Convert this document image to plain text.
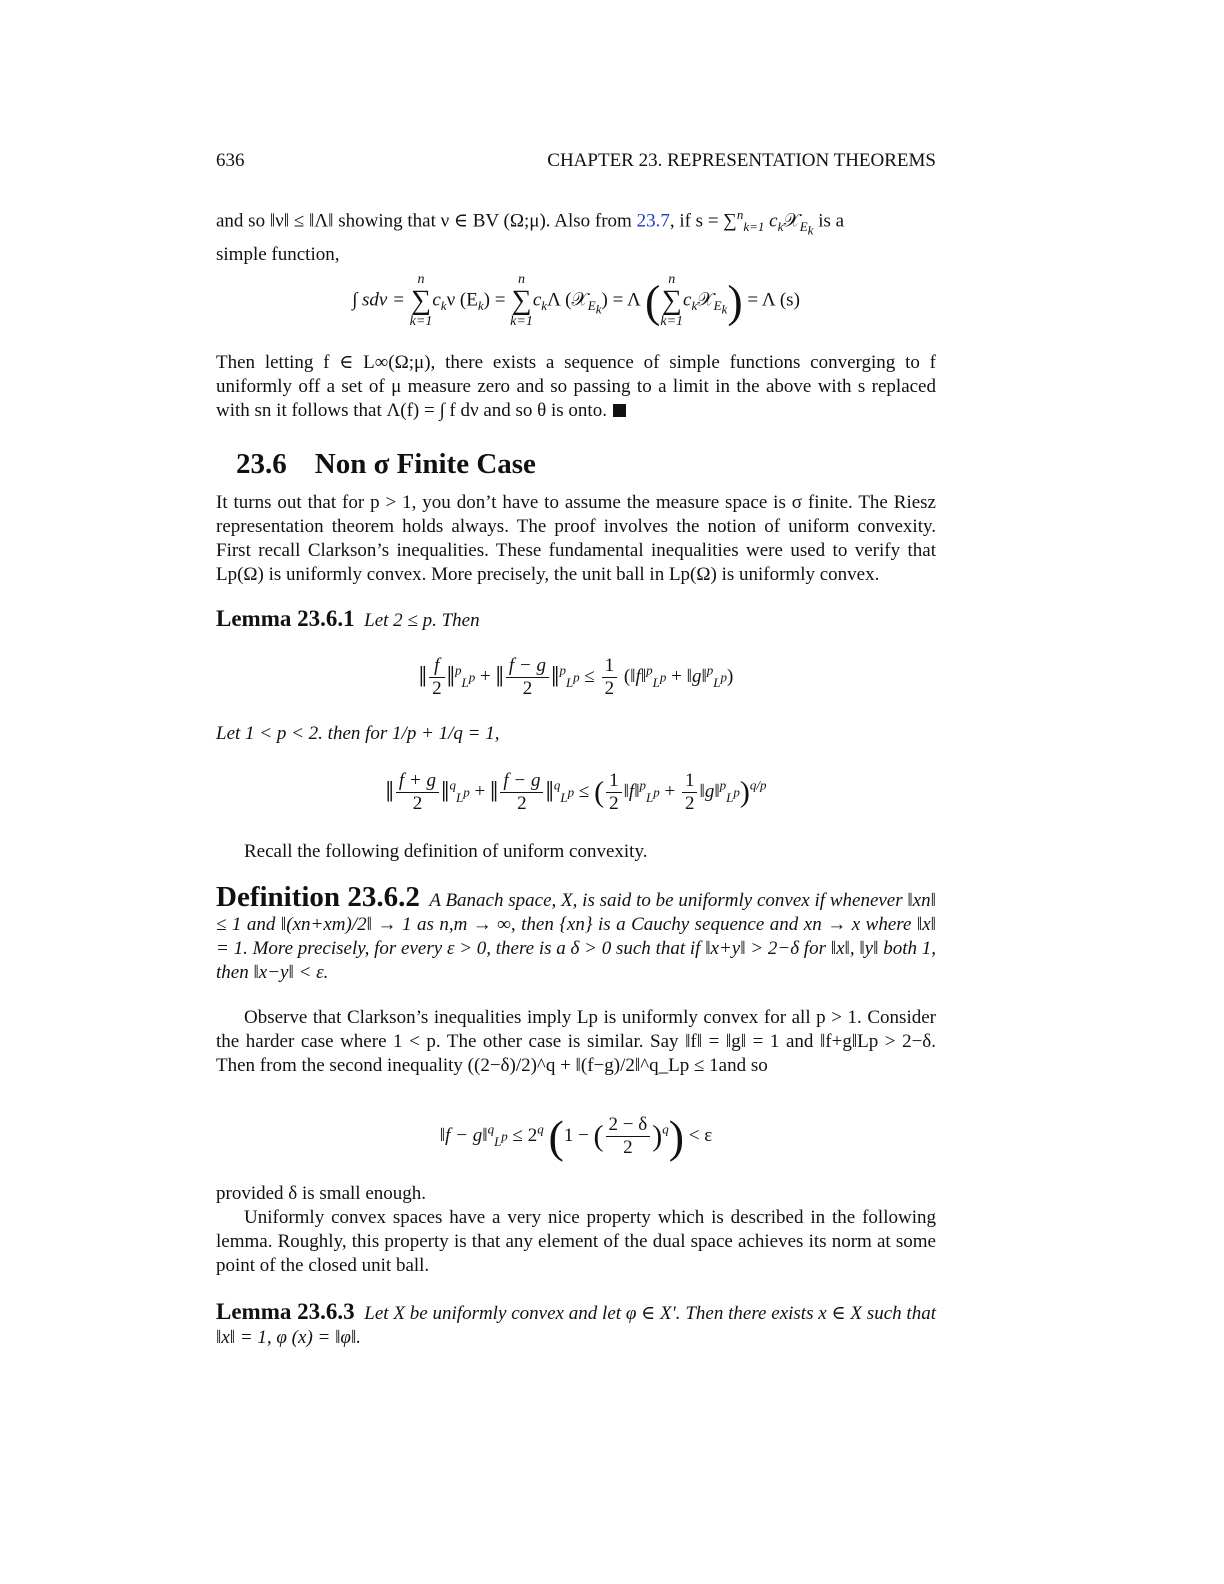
636	CHAPTER 23. REPRESENTATION THEOREMS
and so ‖ν‖ ≤ ‖Λ‖ showing that ν ∈ BV (Ω;μ). Also from 23.7, if s = ∑$^n_{k=1}$ $c_k𝒳_{E_k}$ is a
simple function,
∫ sdν =
n
∑
k=1
$c_k\nu$ $(E_k)$ =
n
∑
k=1
$c_k\Lambda$ (𝒳$_{E_k}$) = Λ ( n
∑
k=1
$c_k𝒳_{E_k}) = \Lambda$ (s)
Then letting f ∈ L∞(Ω;μ), there exists a sequence of simple functions converging to f uniformly off a set of μ measure zero and so passing to a limit in the above with s replaced with sn it follows that Λ(f) = ∫ f dν and so θ is onto.
23.6 Non σ Finite Case
It turns out that for p > 1, you don’t have to assume the measure space is σ finite. The Riesz representation theorem holds always. The proof involves the notion of uniform convexity. First recall Clarkson’s inequalities. These fundamental inequalities were used to verify that Lp(Ω) is uniformly convex. More precisely, the unit ball in Lp(Ω) is uniformly convex.
Lemma 23.6.1 Let 2 ≤ p. Then
‖ $\frac{f}{2}$ ‖$^p_{L^p}$ + ‖ $\frac{f - g}{2}$ ‖$^p_{L^p}$ ≤ $\frac{1}{2}$ (‖f‖$^p_{L^p}$ + ‖g‖$^p_{L^p}$)
Let 1 < p < 2. then for 1/p + 1/q = 1,
‖ $\frac{f + g}{2}$ ‖$^q_{L^p}$ + ‖ $\frac{f - g}{2}$ ‖$^q_{L^p}$ ≤ ( $\frac{1}{2}$ ‖f‖$^p_{L^p}$ + $\frac{1}{2}$ ‖g‖$^p_{L^p}$)$^{q/p}$
Recall the following definition of uniform convexity.
Definition 23.6.2 A Banach space, X, is said to be uniformly convex if whenever ‖xn‖ ≤ 1 and ‖(xn+xm)/2‖ → 1 as n,m → ∞, then {xn} is a Cauchy sequence and xn → x where ‖x‖ = 1. More precisely, for every ε > 0, there is a δ > 0 such that if ‖x+y‖ > 2−δ for ‖x‖, ‖y‖ both 1, then ‖x−y‖ < ε.
Observe that Clarkson’s inequalities imply Lp is uniformly convex for all p > 1. Consider the harder case where 1 < p. The other case is similar. Say ‖f‖ = ‖g‖ = 1 and ‖f+g‖Lp > 2−δ. Then from the second inequality ((2−δ)/2)^q + ‖(f−g)/2‖^q_Lp ≤ 1and so
‖f − g‖$^q_{L^p}$ ≤ $2^q$ (1 − ( $\frac{2 - \delta}{2} )^q) < \varepsilon$
provided δ is small enough.
Uniformly convex spaces have a very nice property which is described in the following lemma. Roughly, this property is that any element of the dual space achieves its norm at some point of the closed unit ball.
Lemma 23.6.3 Let X be uniformly convex and let φ ∈ X′. Then there exists x ∈ X such that ‖x‖ = 1, φ (x) = ‖φ‖.
